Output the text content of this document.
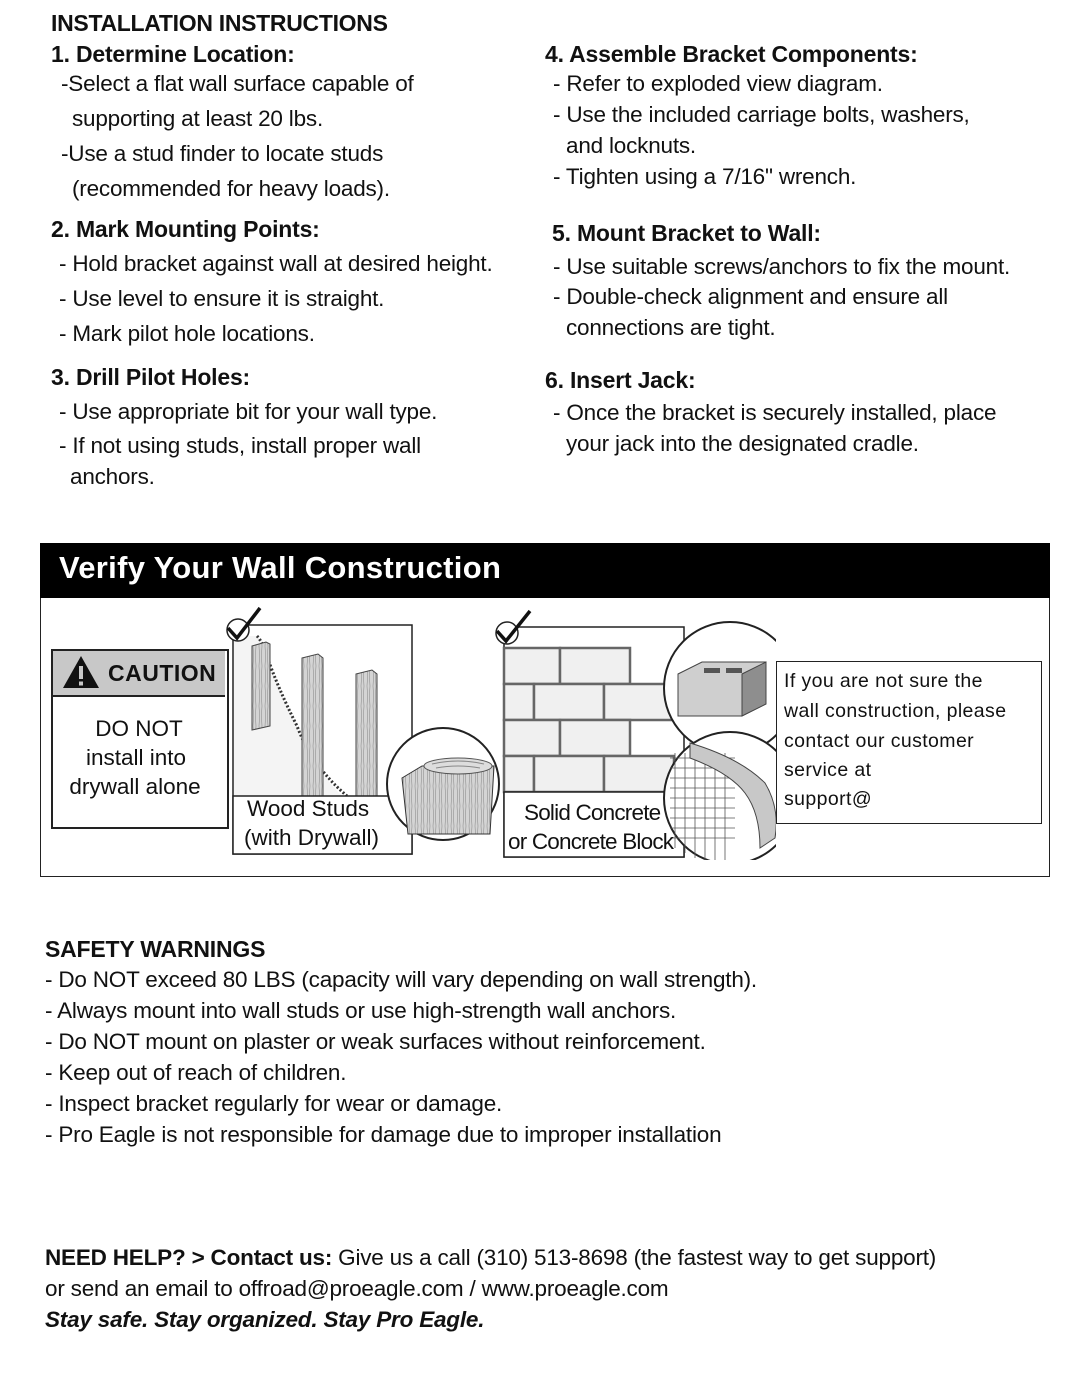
INSTALLATION INSTRUCTIONS
1. Determine Location:
-Select a flat wall surface capable of
supporting at least 20 lbs.
-Use a stud finder to locate studs
(recommended for heavy loads).
2. Mark Mounting Points:
- Hold bracket against wall at desired height.
- Use level to ensure it is straight.
- Mark pilot hole locations.
3. Drill Pilot Holes:
- Use appropriate bit for your wall type.
- If not using studs, install proper wall
anchors.
4. Assemble Bracket Components:
- Refer to exploded view diagram.
- Use the included carriage bolts, washers,
and locknuts.
- Tighten using a 7/16" wrench.
5. Mount Bracket to Wall:
- Use suitable screws/anchors to fix the mount.
- Double-check alignment and ensure all
connections are tight.
6. Insert Jack:
- Once the bracket is securely installed, place
your jack into the designated cradle.
Verify Your Wall Construction
CAUTION
DO NOT
install into
drywall alone
Wood Studs
(with Drywall)
Solid Concrete
or Concrete Block
If you are not sure the
wall construction, please
contact our customer
service at
support@
SAFETY WARNINGS
- Do NOT exceed 80 LBS (capacity will vary depending on wall strength).
- Always mount into wall studs or use high-strength wall anchors.
- Do NOT mount on plaster or weak surfaces without reinforcement.
- Keep out of reach of children.
- Inspect bracket regularly for wear or damage.
- Pro Eagle is not responsible for damage due to improper installation
NEED HELP? > Contact us: Give us a call (310) 513-8698 (the fastest way to get support)
or send an email to offroad@proeagle.com / www.proeagle.com
Stay safe. Stay organized. Stay Pro Eagle.
